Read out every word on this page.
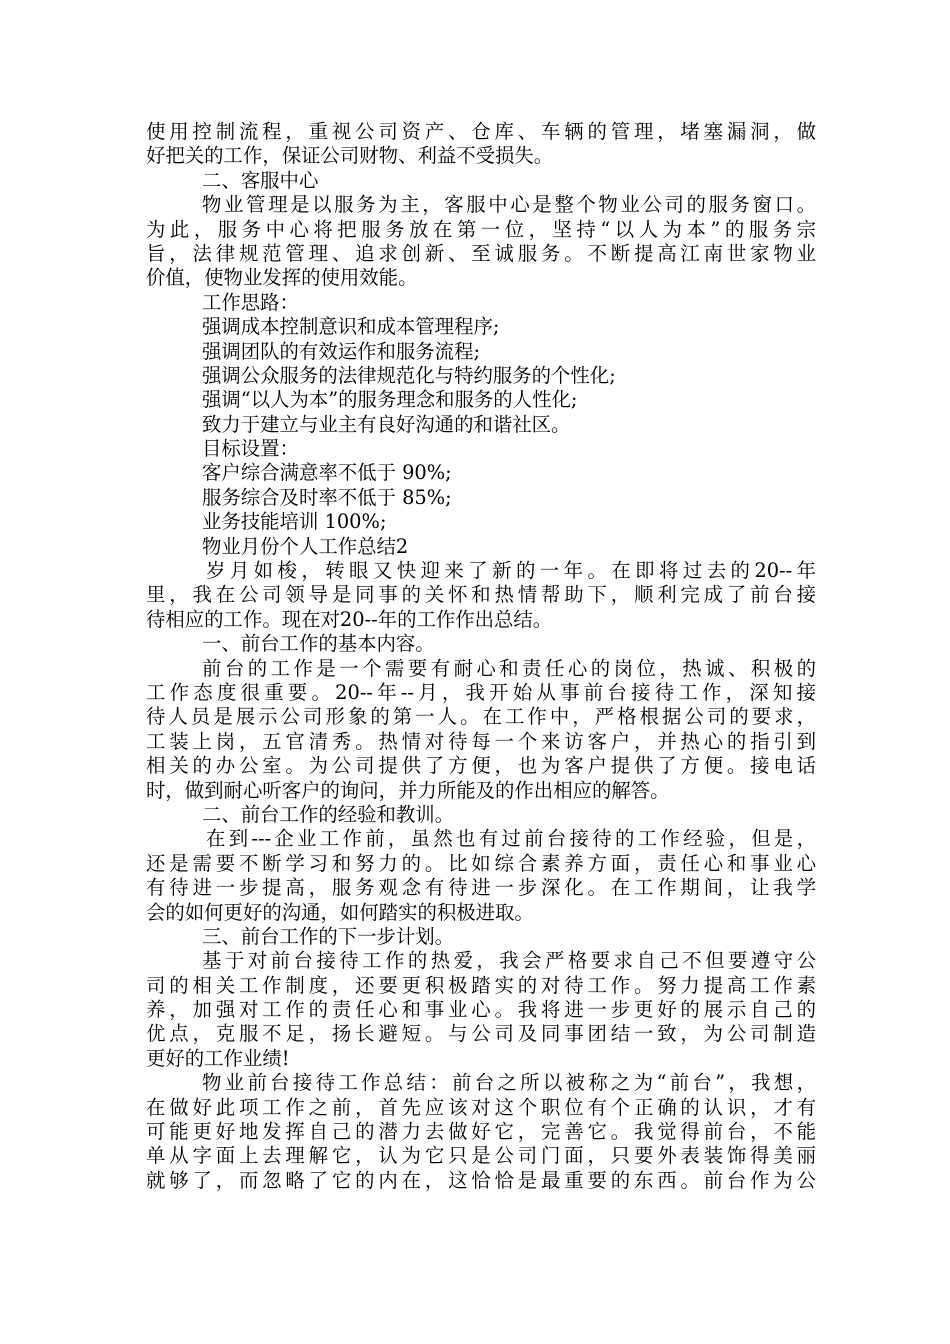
使用控制流程，重视公司资产、仓库、车辆的管理，堵塞漏洞，做
好把关的工作，保证公司财物、利益不受损失。
二、客服中心
物业管理是以服务为主，客服中心是整个物业公司的服务窗口。
为此，服务中心将把服务放在第一位，坚持“以人为本”的服务宗
旨，法律规范管理、追求创新、至诚服务。不断提高江南世家物业
价值，使物业发挥的使用效能。
工作思路：
强调成本控制意识和成本管理程序;
强调团队的有效运作和服务流程;
强调公众服务的法律规范化与特约服务的个性化;
强调“以人为本”的服务理念和服务的人性化;
致力于建立与业主有良好沟通的和谐社区。
目标设置：
客户综合满意率不低于 90%;
服务综合及时率不低于 85%;
业务技能培训 100%;
物业月份个人工作总结2
岁月如梭，转眼又快迎来了新的一年。在即将过去的20--年
里，我在公司领导是同事的关怀和热情帮助下，顺利完成了前台接
待相应的工作。现在对20--年的工作作出总结。
一、前台工作的基本内容。
前台的工作是一个需要有耐心和责任心的岗位，热诚、积极的
工作态度很重要。20--年--月，我开始从事前台接待工作，深知接
待人员是展示公司形象的第一人。在工作中，严格根据公司的要求，
工装上岗，五官清秀。热情对待每一个来访客户，并热心的指引到
相关的办公室。为公司提供了方便，也为客户提供了方便。接电话
时，做到耐心听客户的询问，并力所能及的作出相应的解答。
二、前台工作的经验和教训。
在到---企业工作前，虽然也有过前台接待的工作经验，但是，
还是需要不断学习和努力的。比如综合素养方面，责任心和事业心
有待进一步提高，服务观念有待进一步深化。在工作期间，让我学
会的如何更好的沟通，如何踏实的积极进取。
三、前台工作的下一步计划。
基于对前台接待工作的热爱，我会严格要求自己不但要遵守公
司的相关工作制度，还要更积极踏实的对待工作。努力提高工作素
养，加强对工作的责任心和事业心。我将进一步更好的展示自己的
优点，克服不足，扬长避短。与公司及同事团结一致，为公司制造
更好的工作业绩!
物业前台接待工作总结：前台之所以被称之为“前台”，我想，
在做好此项工作之前，首先应该对这个职位有个正确的认识，才有
可能更好地发挥自己的潜力去做好它，完善它。我觉得前台，不能
单从字面上去理解它，认为它只是公司门面，只要外表装饰得美丽
就够了，而忽略了它的内在，这恰恰是最重要的东西。前台作为公
